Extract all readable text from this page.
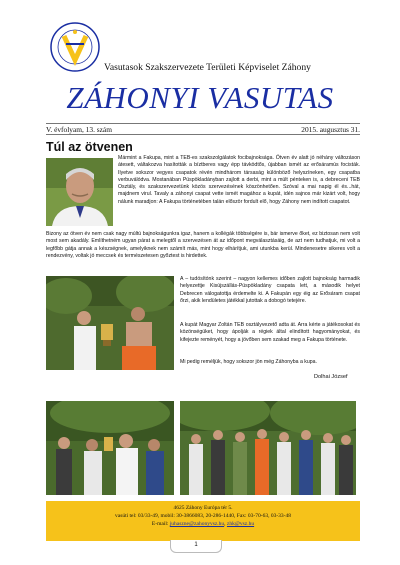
Vasutasok Szakszervezete Területi Képviselet Záhony
ZÁHONYI VASUTAS
V. évfolyam, 13. szám	2015. augusztus 31.
Túl az ötvenen

Mármint a Fakupa, mint a TEB-es szakszolgálatok focibajnoksága. Ötven év alatt jó néhány változáson átesett, váltakozva hasították a bíztberes vagy épp távködtős, újabban ismét az erősáramús focisták. Ilyetve sokszor vegyes csapatok révén mindhárom társaság különböző helyszíneken, egy csapatba verbuválódva. Mostanában Püspökladányban zajlott a derbi, mint a múlt pénteken is, a debreceni TEB Osztály, és szakszervezetünk közös szervezésének köszönhetően. Szóval a mai napig él és...hát, majdnem virul. Tavaly a záhonyi csapat vette ismét magához a kupát, idén sajnos már kizárt volt, hogy nálunk maradjon: A Fakupa történetében talán először fordult elő, hogy Záhony nem indított csapatot.

Bizony az ötven év nem csak nagy múltú bajnokságunkra igaz, hanem a kollégák többségére is, bár ismerve őket, ez biztosan nem volt most sem akadály. Említhetném ugyan párat a melegtől a szervezésen át az időpont megválasztásáig, de azt nem tudhatjuk, mi volt a legfőbb gátja annak a készségnek, amelyiknek nem számít más, mint hogy elhárítjuk, ami utunkba kerül. Mindenesetre sikeres volt a rendezvény, voltak jó meccsek és természetesen győztest is hirdettek.

A – tudósítónk szerint – nagyon kellemes időben zajlott bajnokság harmadik helyezettje Kisújszállás-Püspökladány csapata lett, a második helyet Debrecen válogatottja érdemelte ki. A Fakupán egy éig az Erősáram csapat őrzi, akik lendületes játékkal jutottak a dobogó tetejére.

A kupát Magyar Zoltán TEB osztályvezető adta át. Arra kérte a játékosokat és közönségüket, hogy ápolják a régiek által elindított hagyományokat, és kifejezte reményét, hogy a jövőben sem szakad meg a Fakupa története.

Mi pedig reméljük, hogy sokszor jön még Záhonyba a kupa.

Dolhai József
4625 Záhony Európa tér 5.
vasúti tel: 03/33-49, mobil: 30-3866083, 20-286-1440, Fax: 03-70-63, 03-33-48
E-mail: juhaszne@zahonyvsz.hu, zhk@vsz.hu
1
